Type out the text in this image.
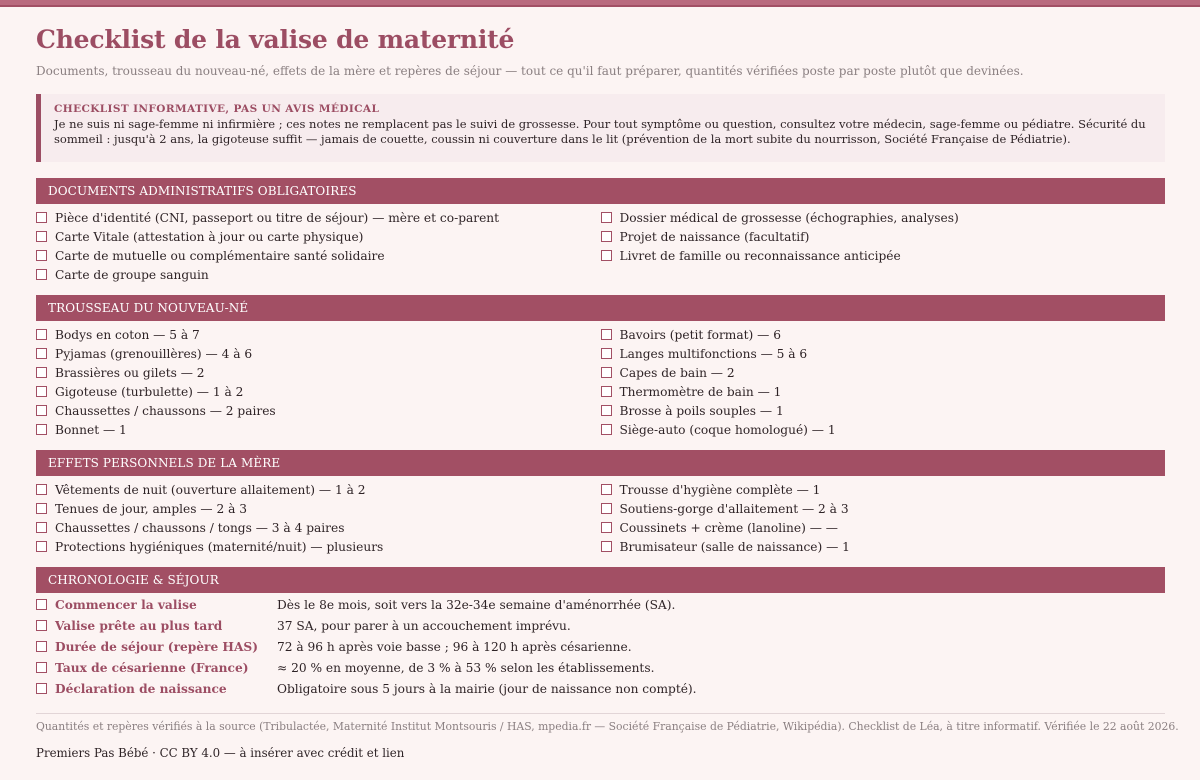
Checklist de la valise de maternité
Documents, trousseau du nouveau-né, effets de la mère et repères de séjour — tout ce qu'il faut préparer, quantités vérifiées poste par poste plutôt que devinées.
CHECKLIST INFORMATIVE, PAS UN AVIS MÉDICAL
Je ne suis ni sage-femme ni infirmière ; ces notes ne remplacent pas le suivi de grossesse. Pour tout symptôme ou question, consultez votre médecin, sage-femme ou pédiatre. Sécurité du sommeil : jusqu'à 2 ans, la gigoteuse suffit — jamais de couette, coussin ni couverture dans le lit (prévention de la mort subite du nourrisson, Société Française de Pédiatrie).
DOCUMENTS ADMINISTRATIFS OBLIGATOIRES
Pièce d'identité (CNI, passeport ou titre de séjour) — mère et co-parent
Carte Vitale (attestation à jour ou carte physique)
Carte de mutuelle ou complémentaire santé solidaire
Carte de groupe sanguin
Dossier médical de grossesse (échographies, analyses)
Projet de naissance (facultatif)
Livret de famille ou reconnaissance anticipée
TROUSSEAU DU NOUVEAU-NÉ
Bodys en coton — 5 à 7
Pyjamas (grenouillères) — 4 à 6
Brassières ou gilets — 2
Gigoteuse (turbulette) — 1 à 2
Chaussettes / chaussons — 2 paires
Bonnet — 1
Bavoirs (petit format) — 6
Langes multifonctions — 5 à 6
Capes de bain — 2
Thermomètre de bain — 1
Brosse à poils souples — 1
Siège-auto (coque homologué) — 1
EFFETS PERSONNELS DE LA MÈRE
Vêtements de nuit (ouverture allaitement) — 1 à 2
Tenues de jour, amples — 2 à 3
Chaussettes / chaussons / tongs — 3 à 4 paires
Protections hygiéniques (maternité/nuit) — plusieurs
Trousse d'hygiène complète — 1
Soutiens-gorge d'allaitement — 2 à 3
Coussinets + crème (lanoline) — —
Brumisateur (salle de naissance) — 1
CHRONOLOGIE & SÉJOUR
Commencer la valise	Dès le 8e mois, soit vers la 32e-34e semaine d'aménorrhée (SA).
Valise prête au plus tard	37 SA, pour parer à un accouchement imprévu.
Durée de séjour (repère HAS) 72 à 96 h après voie basse ; 96 à 120 h après césarienne.
Taux de césarienne (France) ≈ 20 % en moyenne, de 3 % à 53 % selon les établissements.
Déclaration de naissance	Obligatoire sous 5 jours à la mairie (jour de naissance non compté).
Quantités et repères vérifiés à la source (Tribulactée, Maternité Institut Montsouris / HAS, mpedia.fr — Société Française de Pédiatrie, Wikipédia). Checklist de Léa, à titre informatif. Vérifiée le 22 août 2026.
Premiers Pas Bébé · CC BY 4.0 — à insérer avec crédit et lien
